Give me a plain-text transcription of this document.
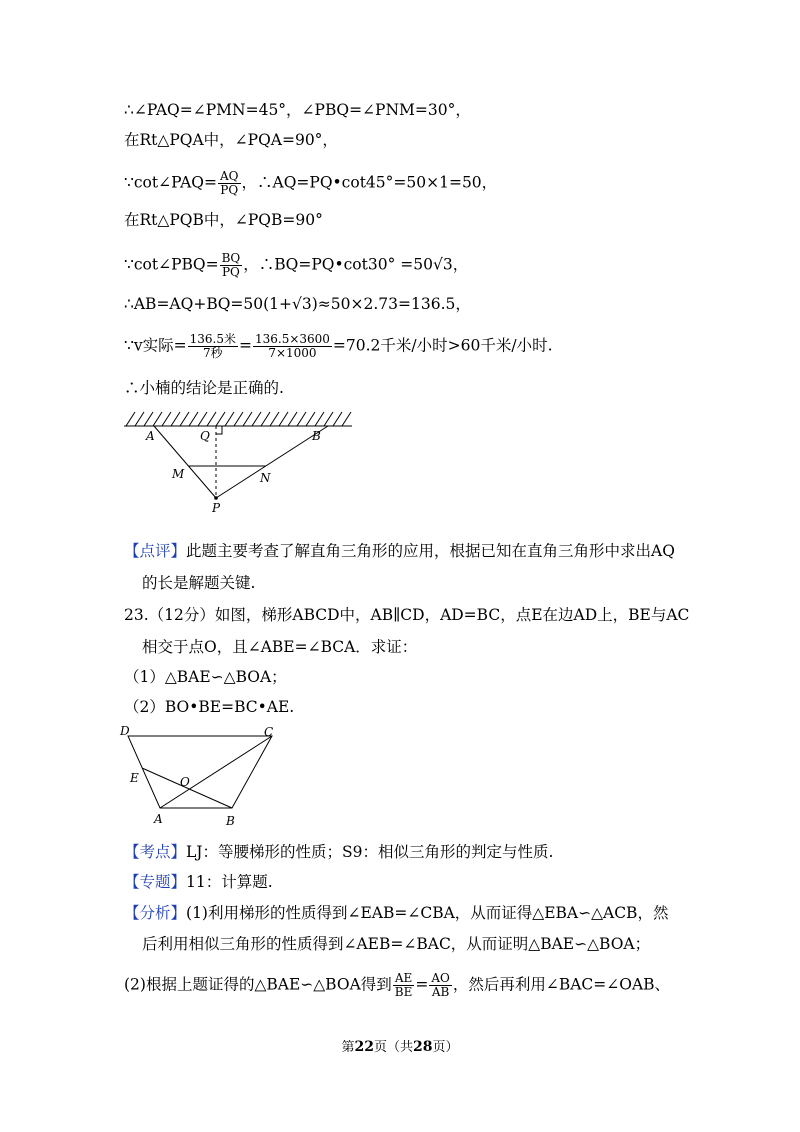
∴∠PAQ=∠PMN=45°，∠PBQ=∠PNM=30°，
在Rt△PQA中，∠PQA=90°，
∵cot∠PAQ= $\frac{AQ}{PQ}$ ，∴AQ=PQ•cot45°=50×1=50，
在Rt△PQB中，∠PQB=90°
∵cot∠PBQ= $\frac{BQ}{PQ}$ ，∴BQ=PQ•cot30° =50√3，
∴AB=AQ+BQ=50(1+√3)≈50×2.73=136.5，
∵v实际= $\frac{\text{136.5米}}{\text{7秒}} = \frac{136.5\times 3600}{7\times 1000} =70.2$千米/小时>60千米/小时.
∴小楠的结论是正确的.
A	Q	B
M	N
P
【点评】此题主要考查了解直角三角形的应用，根据已知在直角三角形中求出AQ
的长是解题关键.
23.（12分）如图，梯形ABCD中，AB∥CD，AD=BC，点E在边AD上，BE与AC
相交于点O，且∠ABE=∠BCA．求证：
（1）△BAE∽△BOA；
（2）BO•BE=BC•AE.
D	C
E	O
A	B
【考点】LJ：等腰梯形的性质；S9：相似三角形的判定与性质.
【专题】11：计算题.
【分析】(1)利用梯形的性质得到∠EAB=∠CBA，从而证得△EBA∽△ACB，然
后利用相似三角形的性质得到∠AEB=∠BAC，从而证明△BAE∽△BOA；
(2)根据上题证得的△BAE∽△BOA得到 $\frac{AE}{BE} = \frac{AO}{AB}$ ，然后再利用∠BAC=∠OAB、
第22页（共28页）
